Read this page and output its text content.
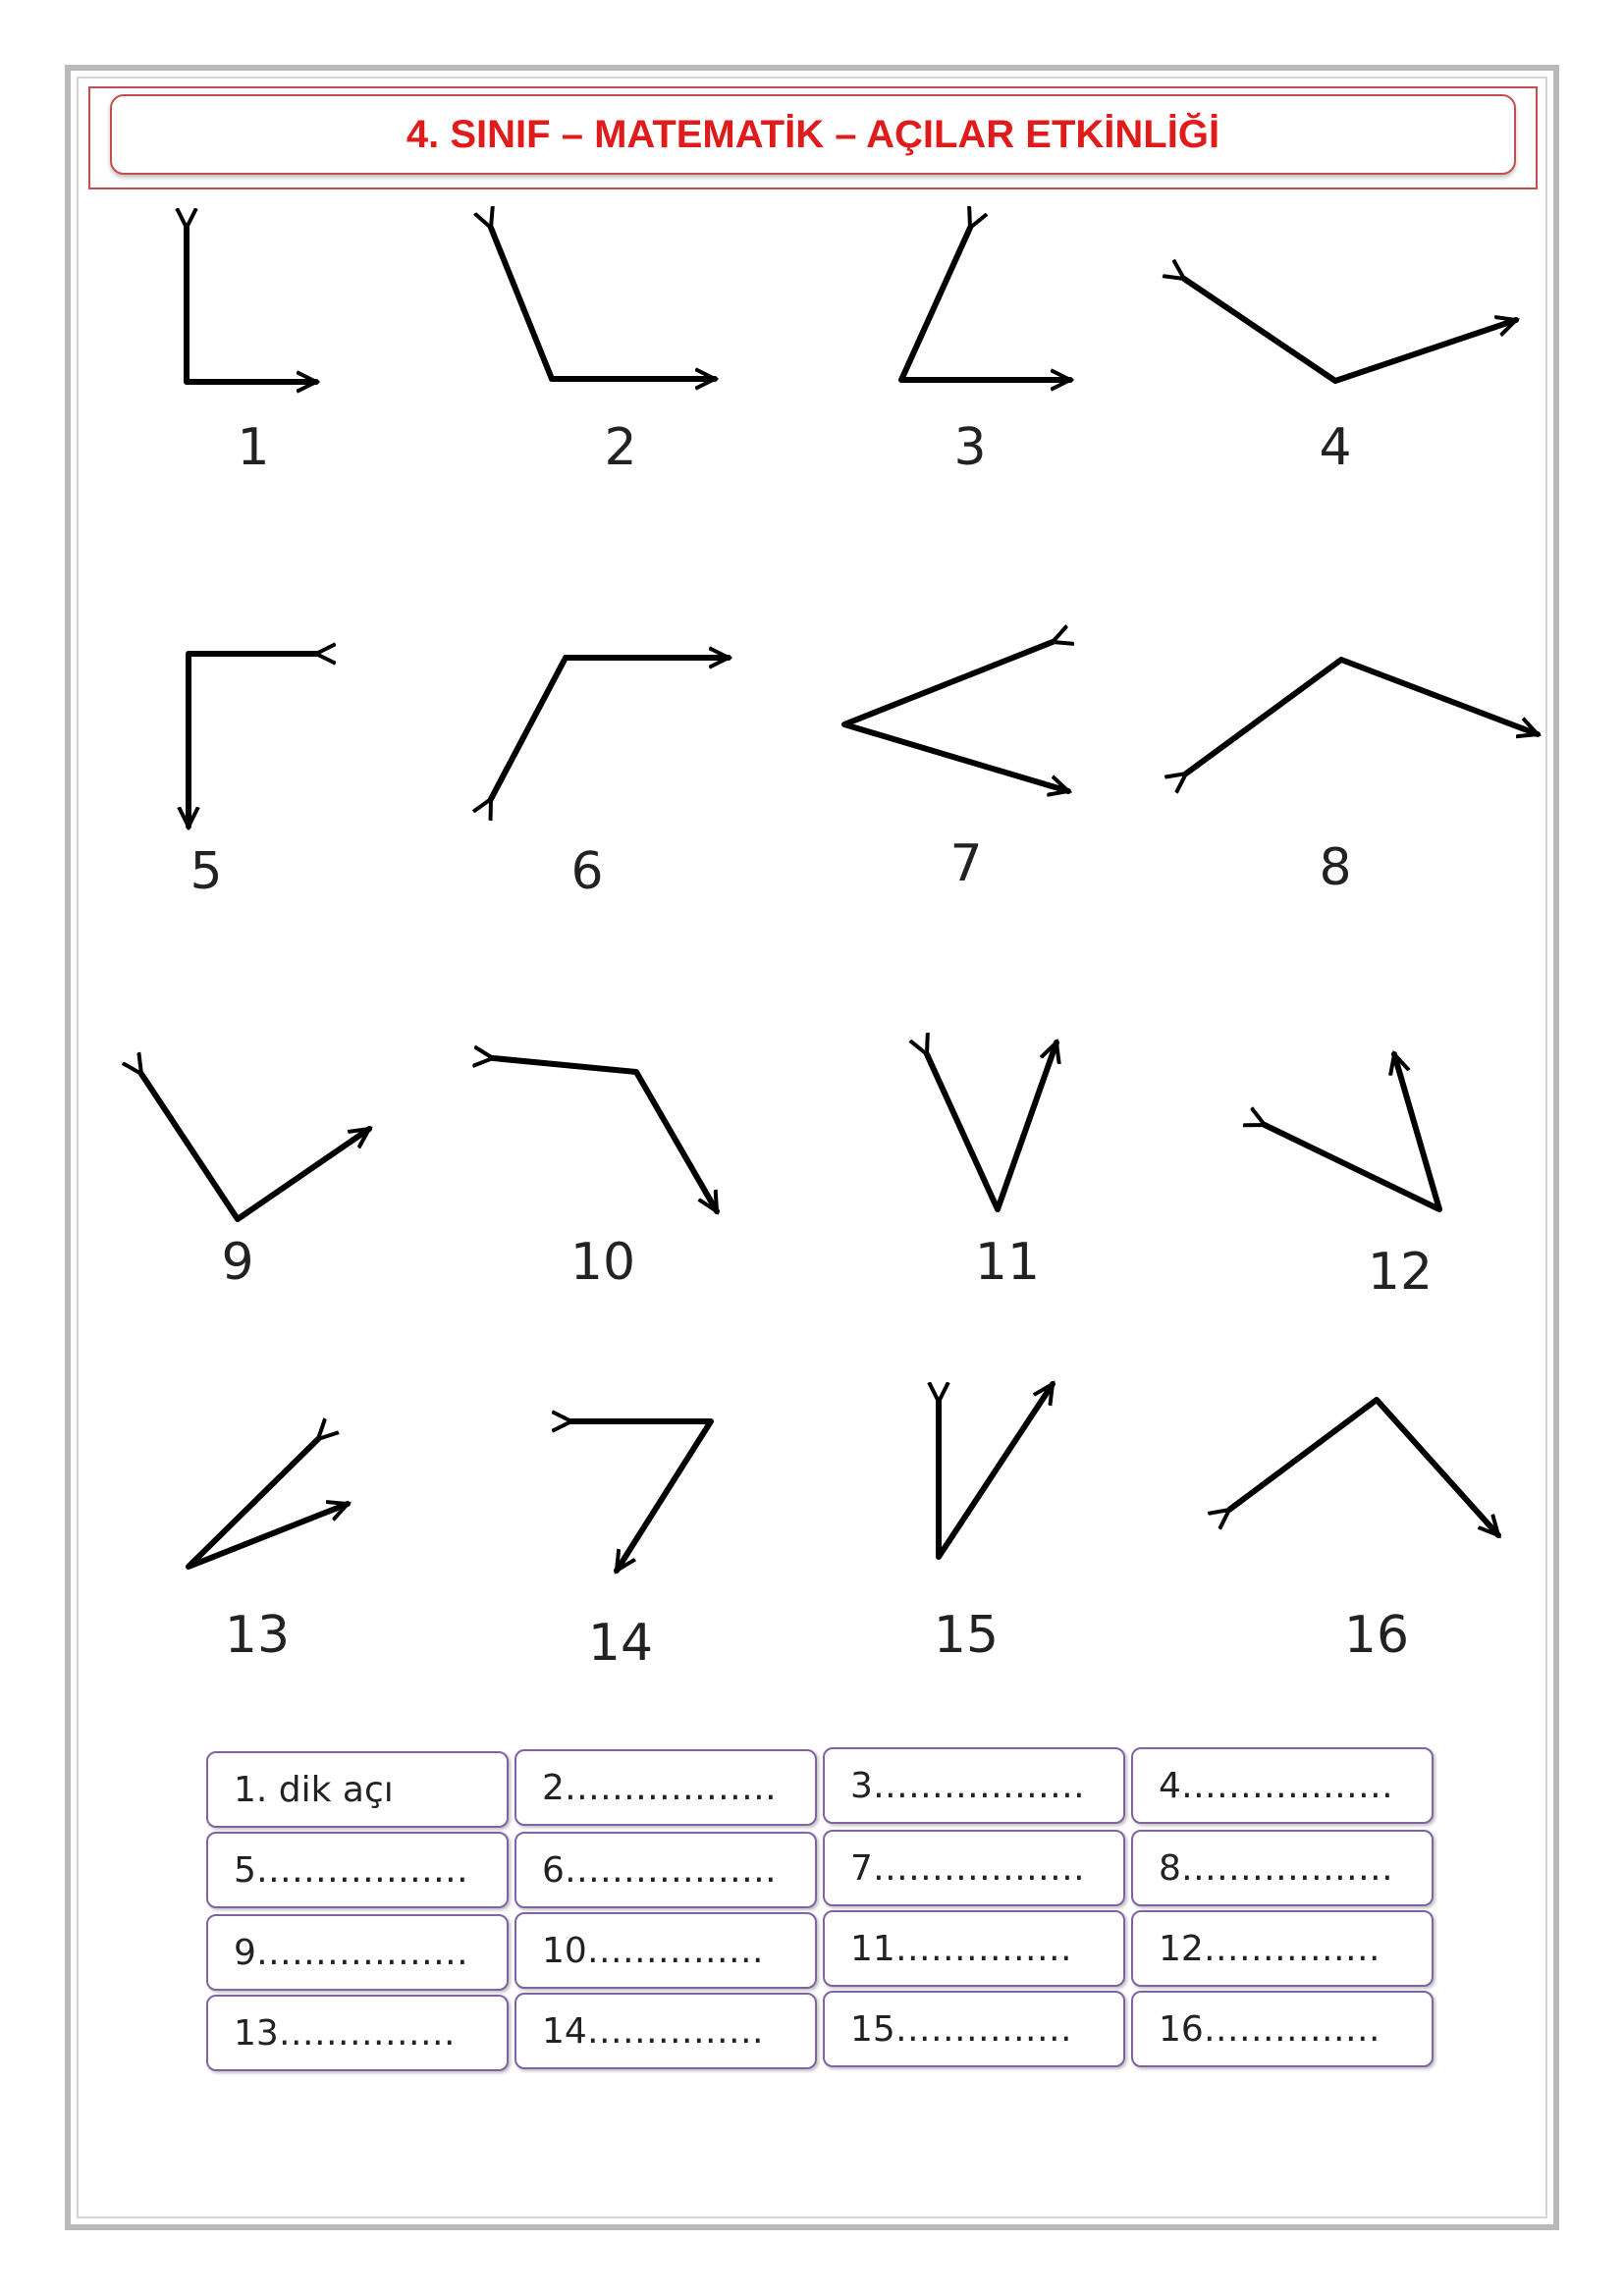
4. SINIF – MATEMATİK – AÇILAR ETKİNLİĞİ
1	2	3	4
5	6	7	8
9	10	11	12
13	14	15	16
1. dik açı	2………………	3………………	4………………
5………………	6………………	7………………	8………………
9………………	10……………	11……………	12……………
13……………	14……………	15……………	16……………
